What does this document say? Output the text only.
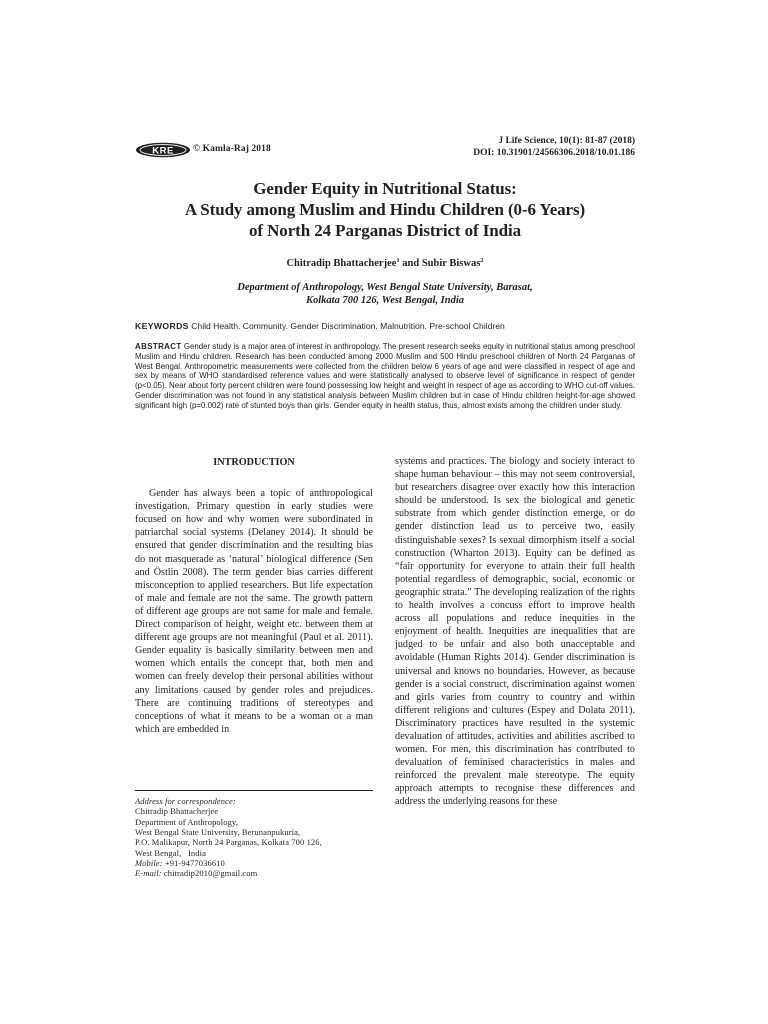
KRE © Kamla-Raj 2018
J Life Science, 10(1): 81-87 (2018)
DOI: 10.31901/24566306.2018/10.01.186
Gender Equity in Nutritional Status:
A Study among Muslim and Hindu Children (0-6 Years)
of North 24 Parganas District of India
Chitradip Bhattacherjee$^1$ and Subir Biswas$^2$
Department of Anthropology, West Bengal State University, Barasat,
Kolkata 700 126, West Bengal, India
KEYWORDS Child Health. Community. Gender Discrimination. Malnutrition. Pre-school Children
ABSTRACT Gender study is a major area of interest in anthropology. The present research seeks equity in nutritional status among preschool Muslim and Hindu children. Research has been conducted among 2000 Muslim and 500 Hindu preschool children of North 24 Parganas of West Bengal. Anthropometric measurements were collected from the children below 6 years of age and were classified in respect of age and sex by means of WHO standardised reference values and were statistically analysed to observe level of significance in respect of gender (p<0.05). Near about forty percent children were found possessing low height and weight in respect of age as according to WHO cut-off values. Gender discrimination was not found in any statistical analysis between Muslim children but in case of Hindu children height-for-age showed significant high (p=0.002) rate of stunted boys than girls. Gender equity in health status, thus, almost exists among the children under study.
INTRODUCTION

Gender has always been a topic of anthropological investigation. Primary question in early studies were focused on how and why women were subordinated in patriarchal social systems (Delaney 2014). It should be ensured that gender discrimination and the resulting bias do not masquerade as ‘natural’ biological difference (Sen and Östlin 2008). The term gender bias carries different misconception to applied researchers. But life expectation of male and female are not the same. The growth pattern of different age groups are not same for male and female. Direct comparison of height, weight etc. between them at different age groups are not meaningful (Paul et al. 2011). Gender equality is basically similarity between men and women which entails the concept that, both men and women can freely develop their personal abilities without any limitations caused by gender roles and prejudices. There are continuing traditions of stereotypes and conceptions of what it means to be a woman or a man which are embedded in

systems and practices. The biology and society interact to shape human behaviour – this may not seem controversial, but researchers disagree over exactly how this interaction should be understood. Is sex the biological and genetic substrate from which gender distinction emerge, or do gender distinction lead us to perceive two, easily distinguishable sexes? Is sexual dimorphism itself a social construction (Wharton 2013). Equity can be defined as “fair opportunity for everyone to attain their full health potential regardless of demographic, social, economic or geographic strata.” The developing realization of the rights to health involves a concuss effort to improve health across all populations and reduce inequities in the enjoyment of health. Inequities are inequalities that are judged to be unfair and also both unacceptable and avoidable (Human Rights 2014). Gender discrimination is universal and knows no boundaries. However, as because gender is a social construct, discrimination against women and girls varies from country to country and within different religions and cultures (Espey and Dolata 2011). Discriminatory practices have resulted in the systemic devaluation of attitudes, activities and abilities ascribed to women. For men, this discrimination has contributed to devaluation of feminised characteristics in males and reinforced the prevalent male stereotype. The equity approach attempts to recognise these differences and address the underlying reasons for these

Address for correspondence:
Chitradip Bhattacherjee
Department of Anthropology,
West Bengal State University, Berunanpukuria,
P.O. Malikapur, North 24 Parganas, Kolkata 700 126,
West Bengal,   India
Mobile: +91-9477036610
E-mail: chitradip2010@gmail.com
